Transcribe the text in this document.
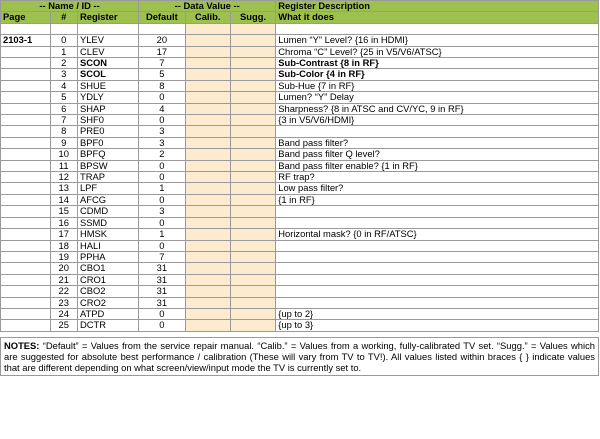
-- Name / ID --			-- Data Value --			Register Description
Page	#	Register	Default	Calib.	Sugg.	What it does

2103-1	0	YLEV	20			Lumen “Y” Level? {16 in HDMI}
	1	CLEV	17			Chroma “C” Level? {25 in V5/V6/ATSC}
	2	SCON	7			Sub-Contrast {8 in RF}
	3	SCOL	5			Sub-Color {4 in RF}
	4	SHUE	8			Sub-Hue {7 in RF}
	5	YDLY	0			Lumen? “Y” Delay
	6	SHAP	4			Sharpness? {8 in ATSC and CV/YC, 9 in RF}
	7	SHF0	0			{3 in V5/V6/HDMI}
	8	PRE0	3			
	9	BPF0	3			Band pass filter?
	10	BPFQ	2			Band pass filter Q level?
	11	BPSW	0			Band pass filter enable? {1 in RF}
	12	TRAP	0			RF trap?
	13	LPF	1			Low pass filter?
	14	AFCG	0			{1 in RF}
	15	CDMD	3			
	16	SSMD	0			
	17	HMSK	1			Horizontal mask? {0 in RF/ATSC}
	18	HALI	0			
	19	PPHA	7			
	20	CBO1	31			
	21	CRO1	31			
	22	CBO2	31			
	23	CRO2	31			
	24	ATPD	0			{up to 2}
	25	DCTR	0			{up to 3}
NOTES: “Default” = Values from the service repair manual. “Calib.” = Values from a working, fully-calibrated TV set. “Sugg.” = Values which are suggested for absolute best performance / calibration (These will vary from TV to TV!). All values listed within braces { } indicate values that are different depending on what screen/view/input mode the TV is currently set to.
